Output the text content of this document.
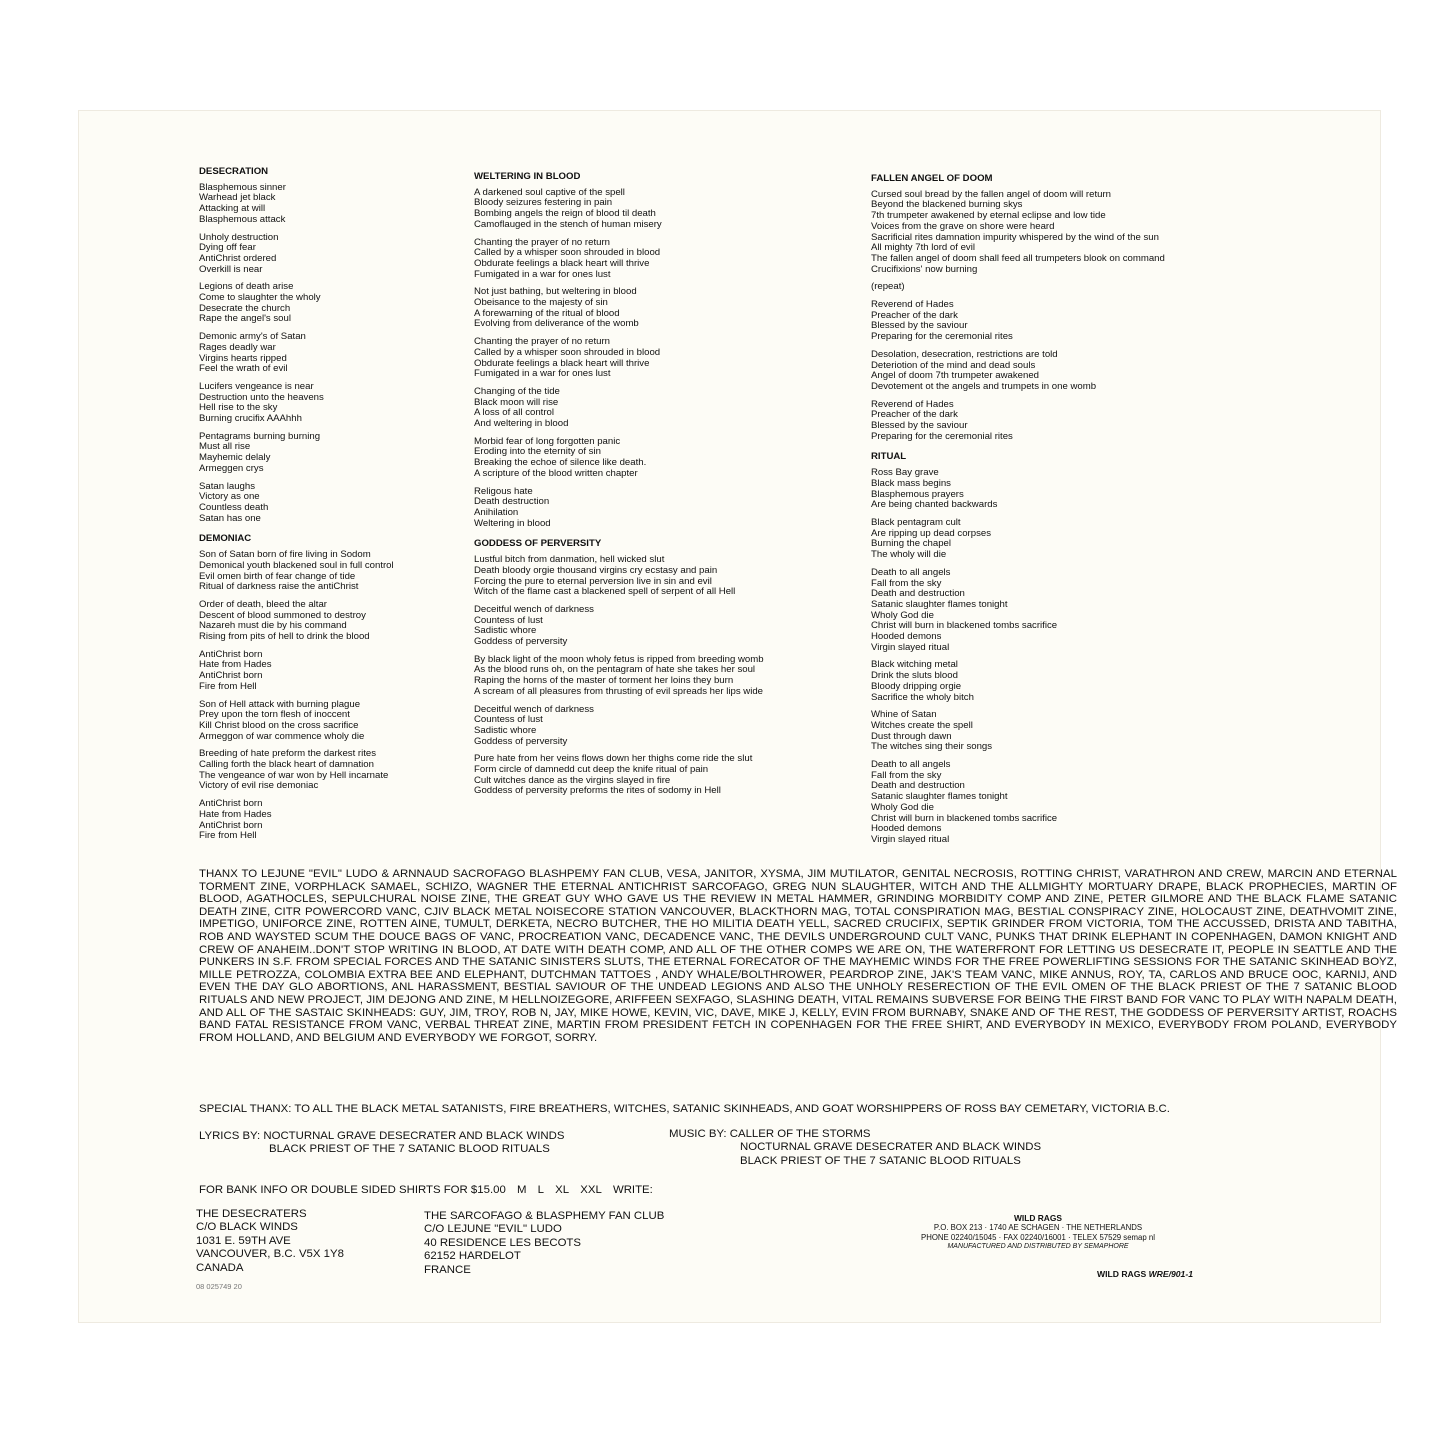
DESECRATION
Blasphemous sinner
Warhead jet black
Attacking at will
Blasphemous attack
Unholy destruction
Dying off fear
AntiChrist ordered
Overkill is near
Legions of death arise
Come to slaughter the wholy
Desecrate the church
Rape the angel's soul
Demonic army's of Satan
Rages deadly war
Virgins hearts ripped
Feel the wrath of evil
Lucifers vengeance is near
Destruction unto the heavens
Hell rise to the sky
Burning crucifix AAAhhh
Pentagrams burning burning
Must all rise
Mayhemic delaly
Armeggen crys
Satan laughs
Victory as one
Countless death
Satan has one
DEMONIAC
Son of Satan born of fire living in Sodom
Demonical youth blackened soul in full control
Evil omen birth of fear change of tide
Ritual of darkness raise the antiChrist
Order of death, bleed the altar
Descent of blood summoned to destroy
Nazareh must die by his command
Rising from pits of hell to drink the blood
AntiChrist born
Hate from Hades
AntiChrist born
Fire from Hell
Son of Hell attack with burning plague
Prey upon the torn flesh of inoccent
Kill Christ blood on the cross sacrifice
Armeggon of war commence wholy die
Breeding of hate preform the darkest rites
Calling forth the black heart of damnation
The vengeance of war won by Hell incarnate
Victory of evil rise demoniac
AntiChrist born
Hate from Hades
AntiChrist born
Fire from Hell
WELTERING IN BLOOD
A darkened soul captive of the spell
Bloody seizures festering in pain
Bombing angels the reign of blood til death
Camoflauged in the stench of human misery
Chanting the prayer of no return
Called by a whisper soon shrouded in blood
Obdurate feelings a black heart will thrive
Fumigated in a war for ones lust
Not just bathing, but weltering in blood
Obeisance to the majesty of sin
A forewarning of the ritual of blood
Evolving from deliverance of the womb
Chanting the prayer of no return
Called by a whisper soon shrouded in blood
Obdurate feelings a black heart will thrive
Fumigated in a war for ones lust
Changing of the tide
Black moon will rise
A loss of all control
And weltering in blood
Morbid fear of long forgotten panic
Eroding into the eternity of sin
Breaking the echoe of silence like death.
A scripture of the blood written chapter
Religous hate
Death destruction
Anihilation
Weltering in blood
GODDESS OF PERVERSITY
Lustful bitch from danmation, hell wicked slut
Death bloody orgie thousand virgins cry ecstasy and pain
Forcing the pure to eternal perversion live in sin and evil
Witch of the flame cast a blackened spell of serpent of all Hell
Deceitful wench of darkness
Countess of lust
Sadistic whore
Goddess of perversity
By black light of the moon wholy fetus is ripped from breeding womb
As the blood runs oh, on the pentagram of hate she takes her soul
Raping the horns of the master of torment her loins they burn
A scream of all pleasures from thrusting of evil spreads her lips wide
Deceitful wench of darkness
Countess of lust
Sadistic whore
Goddess of perversity
Pure hate from her veins flows down her thighs come ride the slut
Form circle of damnedd cut deep the knife ritual of pain
Cult witches dance as the virgins slayed in fire
Goddess of perversity preforms the rites of sodomy in Hell
FALLEN ANGEL OF DOOM
Cursed soul bread by the fallen angel of doom will return
Beyond the blackened burning skys
7th trumpeter awakened by eternal eclipse and low tide
Voices from the grave on shore were heard
Sacrificial rites damnation impurity whispered by the wind of the sun
All mighty 7th lord of evil
The fallen angel of doom shall feed all trumpeters blook on command
Crucifixions' now burning
(repeat)
Reverend of Hades
Preacher of the dark
Blessed by the saviour
Preparing for the ceremonial rites
Desolation, desecration, restrictions are told
Deteriotion of the mind and dead souls
Angel of doom 7th trumpeter awakened
Devotement ot the angels and trumpets in one womb
Reverend of Hades
Preacher of the dark
Blessed by the saviour
Preparing for the ceremonial rites
RITUAL
Ross Bay grave
Black mass begins
Blasphemous prayers
Are being chanted backwards
Black pentagram cult
Are ripping up dead corpses
Burning the chapel
The wholy will die
Death to all angels
Fall from the sky
Death and destruction
Satanic slaughter flames tonight
Wholy God die
Christ will burn in blackened tombs sacrifice
Hooded demons
Virgin slayed ritual
Black witching metal
Drink the sluts blood
Bloody dripping orgie
Sacrifice the wholy bitch
Whine of Satan
Witches create the spell
Dust through dawn
The witches sing their songs
Death to all angels
Fall from the sky
Death and destruction
Satanic slaughter flames tonight
Wholy God die
Christ will burn in blackened tombs sacrifice
Hooded demons
Virgin slayed ritual
THANX TO LEJUNE "EVIL" LUDO & ARNNAUD SACROFAGO BLASHPEMY FAN CLUB, VESA, JANITOR, XYSMA, JIM MUTILATOR, GENITAL NECROSIS, ROTTING CHRIST, VARATHRON AND CREW, MARCIN AND ETERNAL TORMENT ZINE, VORPHLACK SAMAEL, SCHIZO, WAGNER THE ETERNAL ANTICHRIST SARCOFAGO, GREG NUN SLAUGHTER, WITCH AND THE ALLMIGHTY MORTUARY DRAPE, BLACK PROPHECIES, MARTIN OF BLOOD, AGATHOCLES, SEPULCHURAL NOISE ZINE, THE GREAT GUY WHO GAVE US THE REVIEW IN METAL HAMMER, GRINDING MORBIDITY COMP AND ZINE, PETER GILMORE AND THE BLACK FLAME SATANIC DEATH ZINE, CITR POWERCORD VANC, CJIV BLACK METAL NOISECORE STATION VANCOUVER, BLACKTHORN MAG, TOTAL CONSPIRATION MAG, BESTIAL CONSPIRACY ZINE, HOLOCAUST ZINE, DEATHVOMIT ZINE, IMPETIGO, UNIFORCE ZINE, ROTTEN AINE, TUMULT, DERKETA, NECRO BUTCHER, THE HO MILITIA DEATH YELL, SACRED CRUCIFIX, SEPTIK GRINDER FROM VICTORIA, TOM THE ACCUSSED, DRISTA AND TABITHA, ROB AND WAYSTED SCUM THE DOUCE BAGS OF VANC, PROCREATION VANC, DECADENCE VANC, THE DEVILS UNDERGROUND CULT VANC, PUNKS THAT DRINK ELEPHANT IN COPENHAGEN, DAMON KNIGHT AND CREW OF ANAHEIM..DON'T STOP WRITING IN BLOOD, AT DATE WITH DEATH COMP, AND ALL OF THE OTHER COMPS WE ARE ON, THE WATERFRONT FOR LETTING US DESECRATE IT, PEOPLE IN SEATTLE AND THE PUNKERS IN S.F. FROM SPECIAL FORCES AND THE SATANIC SINISTERS SLUTS, THE ETERNAL FORECATOR OF THE MAYHEMIC WINDS FOR THE FREE POWERLIFTING SESSIONS FOR THE SATANIC SKINHEAD BOYZ, MILLE PETROZZA, COLOMBIA EXTRA BEE AND ELEPHANT, DUTCHMAN TATTOES , ANDY WHALE/BOLTHROWER, PEARDROP ZINE, JAK'S TEAM VANC, MIKE ANNUS, ROY, TA, CARLOS AND BRUCE OOC, KARNIJ, AND EVEN THE DAY GLO ABORTIONS, ANL HARASSMENT, BESTIAL SAVIOUR OF THE UNDEAD LEGIONS AND ALSO THE UNHOLY RESERECTION OF THE EVIL OMEN OF THE BLACK PRIEST OF THE 7 SATANIC BLOOD RITUALS AND NEW PROJECT, JIM DEJONG AND ZINE, M HELLNOIZEGORE, ARIFFEEN SEXFAGO, SLASHING DEATH, VITAL REMAINS SUBVERSE FOR BEING THE FIRST BAND FOR VANC TO PLAY WITH NAPALM DEATH, AND ALL OF THE SASTAIC SKINHEADS: GUY, JIM, TROY, ROB N, JAY, MIKE HOWE, KEVIN, VIC, DAVE, MIKE J, KELLY, EVIN FROM BURNABY, SNAKE AND OF THE REST, THE GODDESS OF PERVERSITY ARTIST, ROACHS BAND FATAL RESISTANCE FROM VANC, VERBAL THREAT ZINE, MARTIN FROM PRESIDENT FETCH IN COPENHAGEN FOR THE FREE SHIRT, AND EVERYBODY IN MEXICO, EVERYBODY FROM POLAND, EVERYBODY FROM HOLLAND, AND BELGIUM AND EVERYBODY WE FORGOT, SORRY.
SPECIAL THANX: TO ALL THE BLACK METAL SATANISTS, FIRE BREATHERS, WITCHES, SATANIC SKINHEADS, AND GOAT WORSHIPPERS OF ROSS BAY CEMETARY, VICTORIA B.C.
LYRICS BY: NOCTURNAL GRAVE DESECRATER AND BLACK WINDS
BLACK PRIEST OF THE 7 SATANIC BLOOD RITUALS
MUSIC BY: CALLER OF THE STORMS
NOCTURNAL GRAVE DESECRATER AND BLACK WINDS
BLACK PRIEST OF THE 7 SATANIC BLOOD RITUALS
FOR BANK INFO OR DOUBLE SIDED SHIRTS FOR $15.00 M L XL XXL WRITE:
THE DESECRATERS
C/O BLACK WINDS
1031 E. 59TH AVE
VANCOUVER, B.C. V5X 1Y8
CANADA
08 025749 20
THE SARCOFAGO & BLASPHEMY FAN CLUB
C/O LEJUNE "EVIL" LUDO
40 RESIDENCE LES BECOTS
62152 HARDELOT
FRANCE
WILD RAGS
P.O. BOX 213 · 1740 AE SCHAGEN · THE NETHERLANDS
PHONE 02240/15045 · FAX 02240/16001 · TELEX 57529 semap nl
MANUFACTURED AND DISTRIBUTED BY SEMAPHORE
WILD RAGS WRE/901-1
